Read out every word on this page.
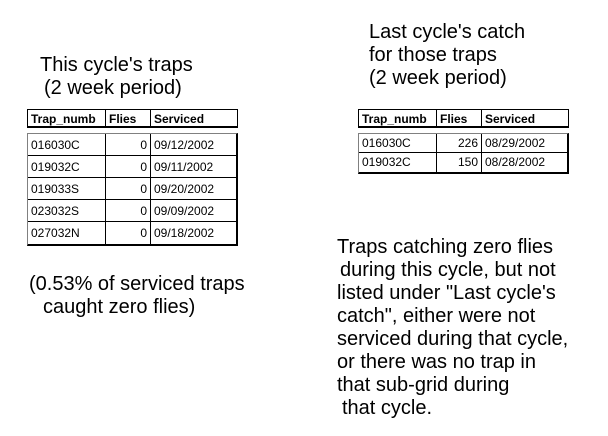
This cycle's traps
(2 week period)
Last cycle's catch
for those traps
(2 week period)
Trap_numb	Flies	Serviced
016030C	0 09/12/2002
019032C	0 09/11/2002
019033S	0 09/20/2002
023032S	0 09/09/2002
027032N	0 09/18/2002
Trap_numb	Flies	Serviced
016030C	226 08/29/2002
019032C	150 08/28/2002
(0.53% of serviced traps
caught zero flies)
Traps catching zero flies
during this cycle, but not
listed under "Last cycle's
catch", either were not
serviced during that cycle,
or there was no trap in
that sub-grid during
that cycle.
